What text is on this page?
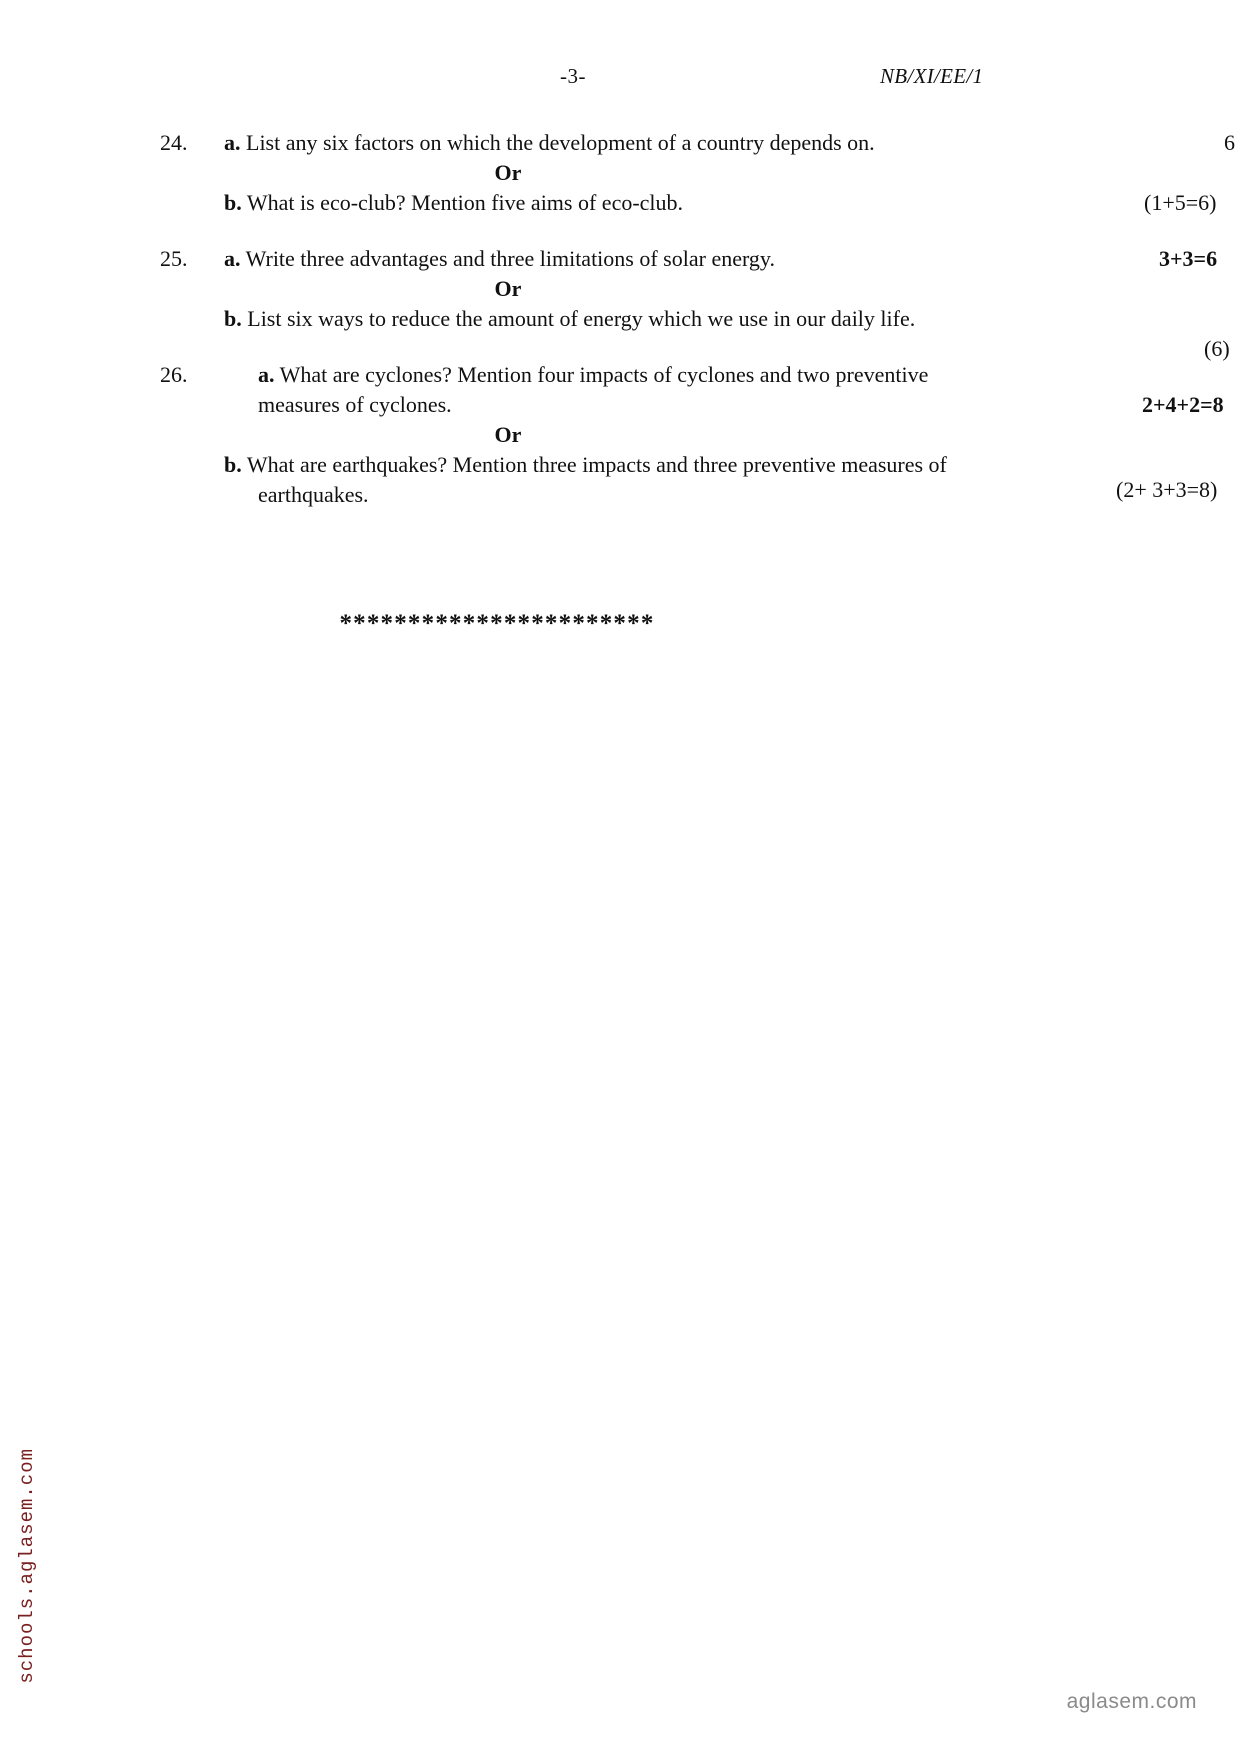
-3-	NB/XI/EE/1
24.	a. List any six factors on which the development of a country depends on.
Or
b. What is eco-club? Mention five aims of eco-club.
6
(1+5=6)
25.	a. Write three advantages and three limitations of solar energy.
Or
b. List six ways to reduce the amount of energy which we use in our daily life.
3+3=6
(6)
26.	a. What are cyclones? Mention four impacts of cyclones and two preventive measures of cyclones.
Or
b. What are earthquakes? Mention three impacts and three preventive measures of earthquakes.
2+4+2=8
(2+ 3+3=8)
***********************
schools.aglasem.com
aglasem.com
